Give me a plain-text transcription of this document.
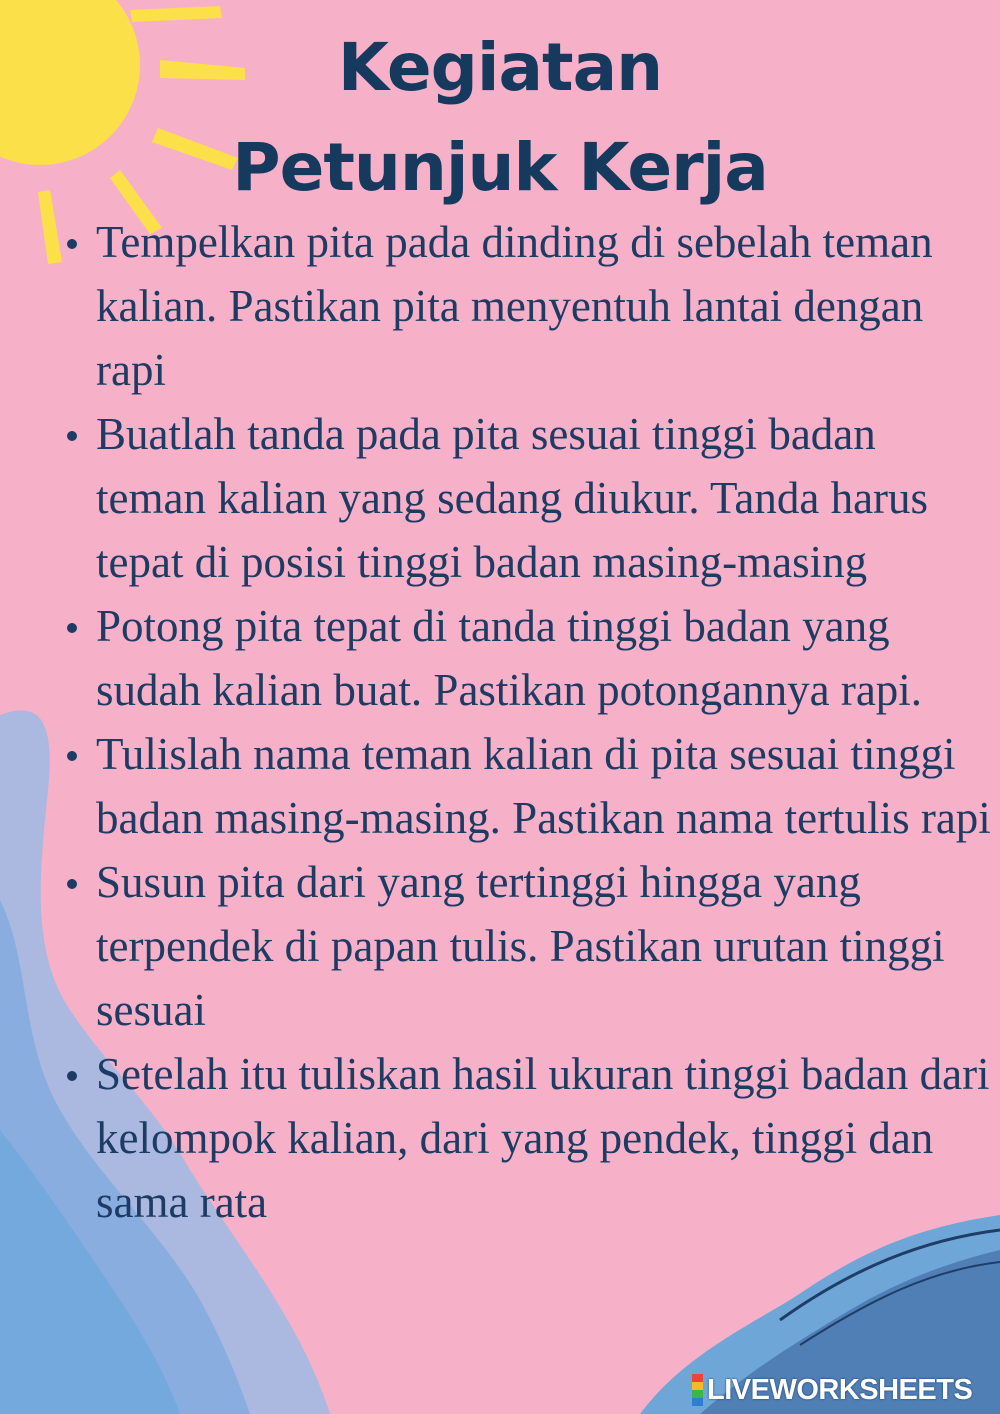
Kegiatan
Petunjuk Kerja
Tempelkan pita pada dinding di sebelah teman kalian. Pastikan pita menyentuh lantai dengan rapi
Buatlah tanda pada pita sesuai tinggi badan teman kalian yang sedang diukur. Tanda harus tepat di posisi tinggi badan masing-masing
Potong pita tepat di tanda tinggi badan yang sudah kalian buat. Pastikan potongannya rapi.
Tulislah nama teman kalian di pita sesuai tinggi badan masing-masing. Pastikan nama tertulis rapi
Susun pita dari yang tertinggi hingga yang terpendek di papan tulis. Pastikan urutan tinggi sesuai
Setelah itu tuliskan hasil ukuran tinggi badan dari kelompok kalian, dari yang pendek, tinggi dan sama rata
LIVEWORKSHEETS
